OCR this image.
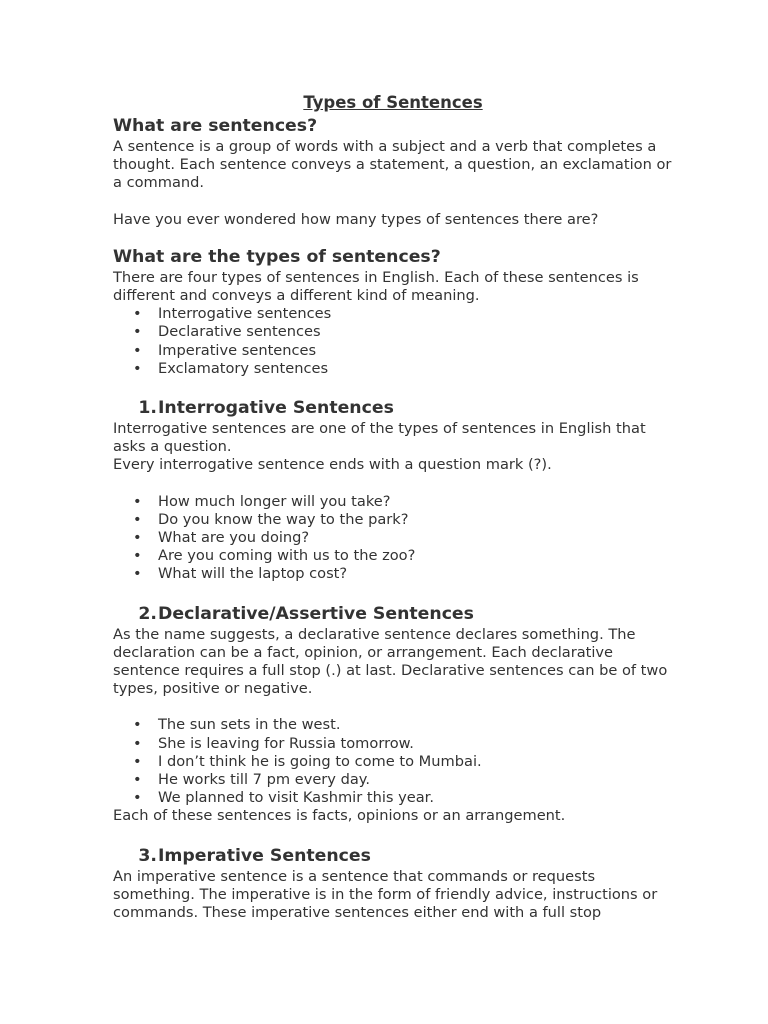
Types of Sentences

What are sentences?

A sentence is a group of words with a subject and a verb that completes a thought. Each sentence conveys a statement, a question, an exclamation or a command.

Have you ever wondered how many types of sentences there are?

What are the types of sentences?

There are four types of sentences in English. Each of these sentences is different and conveys a different kind of meaning.

• Interrogative sentences
• Declarative sentences
• Imperative sentences
• Exclamatory sentences
1. Interrogative Sentences

Interrogative sentences are one of the types of sentences in English that asks a question.

Every interrogative sentence ends with a question mark (?).

• How much longer will you take?
• Do you know the way to the park?
• What are you doing?
• Are you coming with us to the zoo?
• What will the laptop cost?
2. Declarative/Assertive Sentences

As the name suggests, a declarative sentence declares something. The declaration can be a fact, opinion, or arrangement. Each declarative sentence requires a full stop (.) at last. Declarative sentences can be of two types, positive or negative.

• The sun sets in the west.
• She is leaving for Russia tomorrow.
• I don’t think he is going to come to Mumbai.
• He works till 7 pm every day.
• We planned to visit Kashmir this year.

Each of these sentences is facts, opinions or an arrangement.

3. Imperative Sentences

An imperative sentence is a sentence that commands or requests something. The imperative is in the form of friendly advice, instructions or commands. These imperative sentences either end with a full stop
